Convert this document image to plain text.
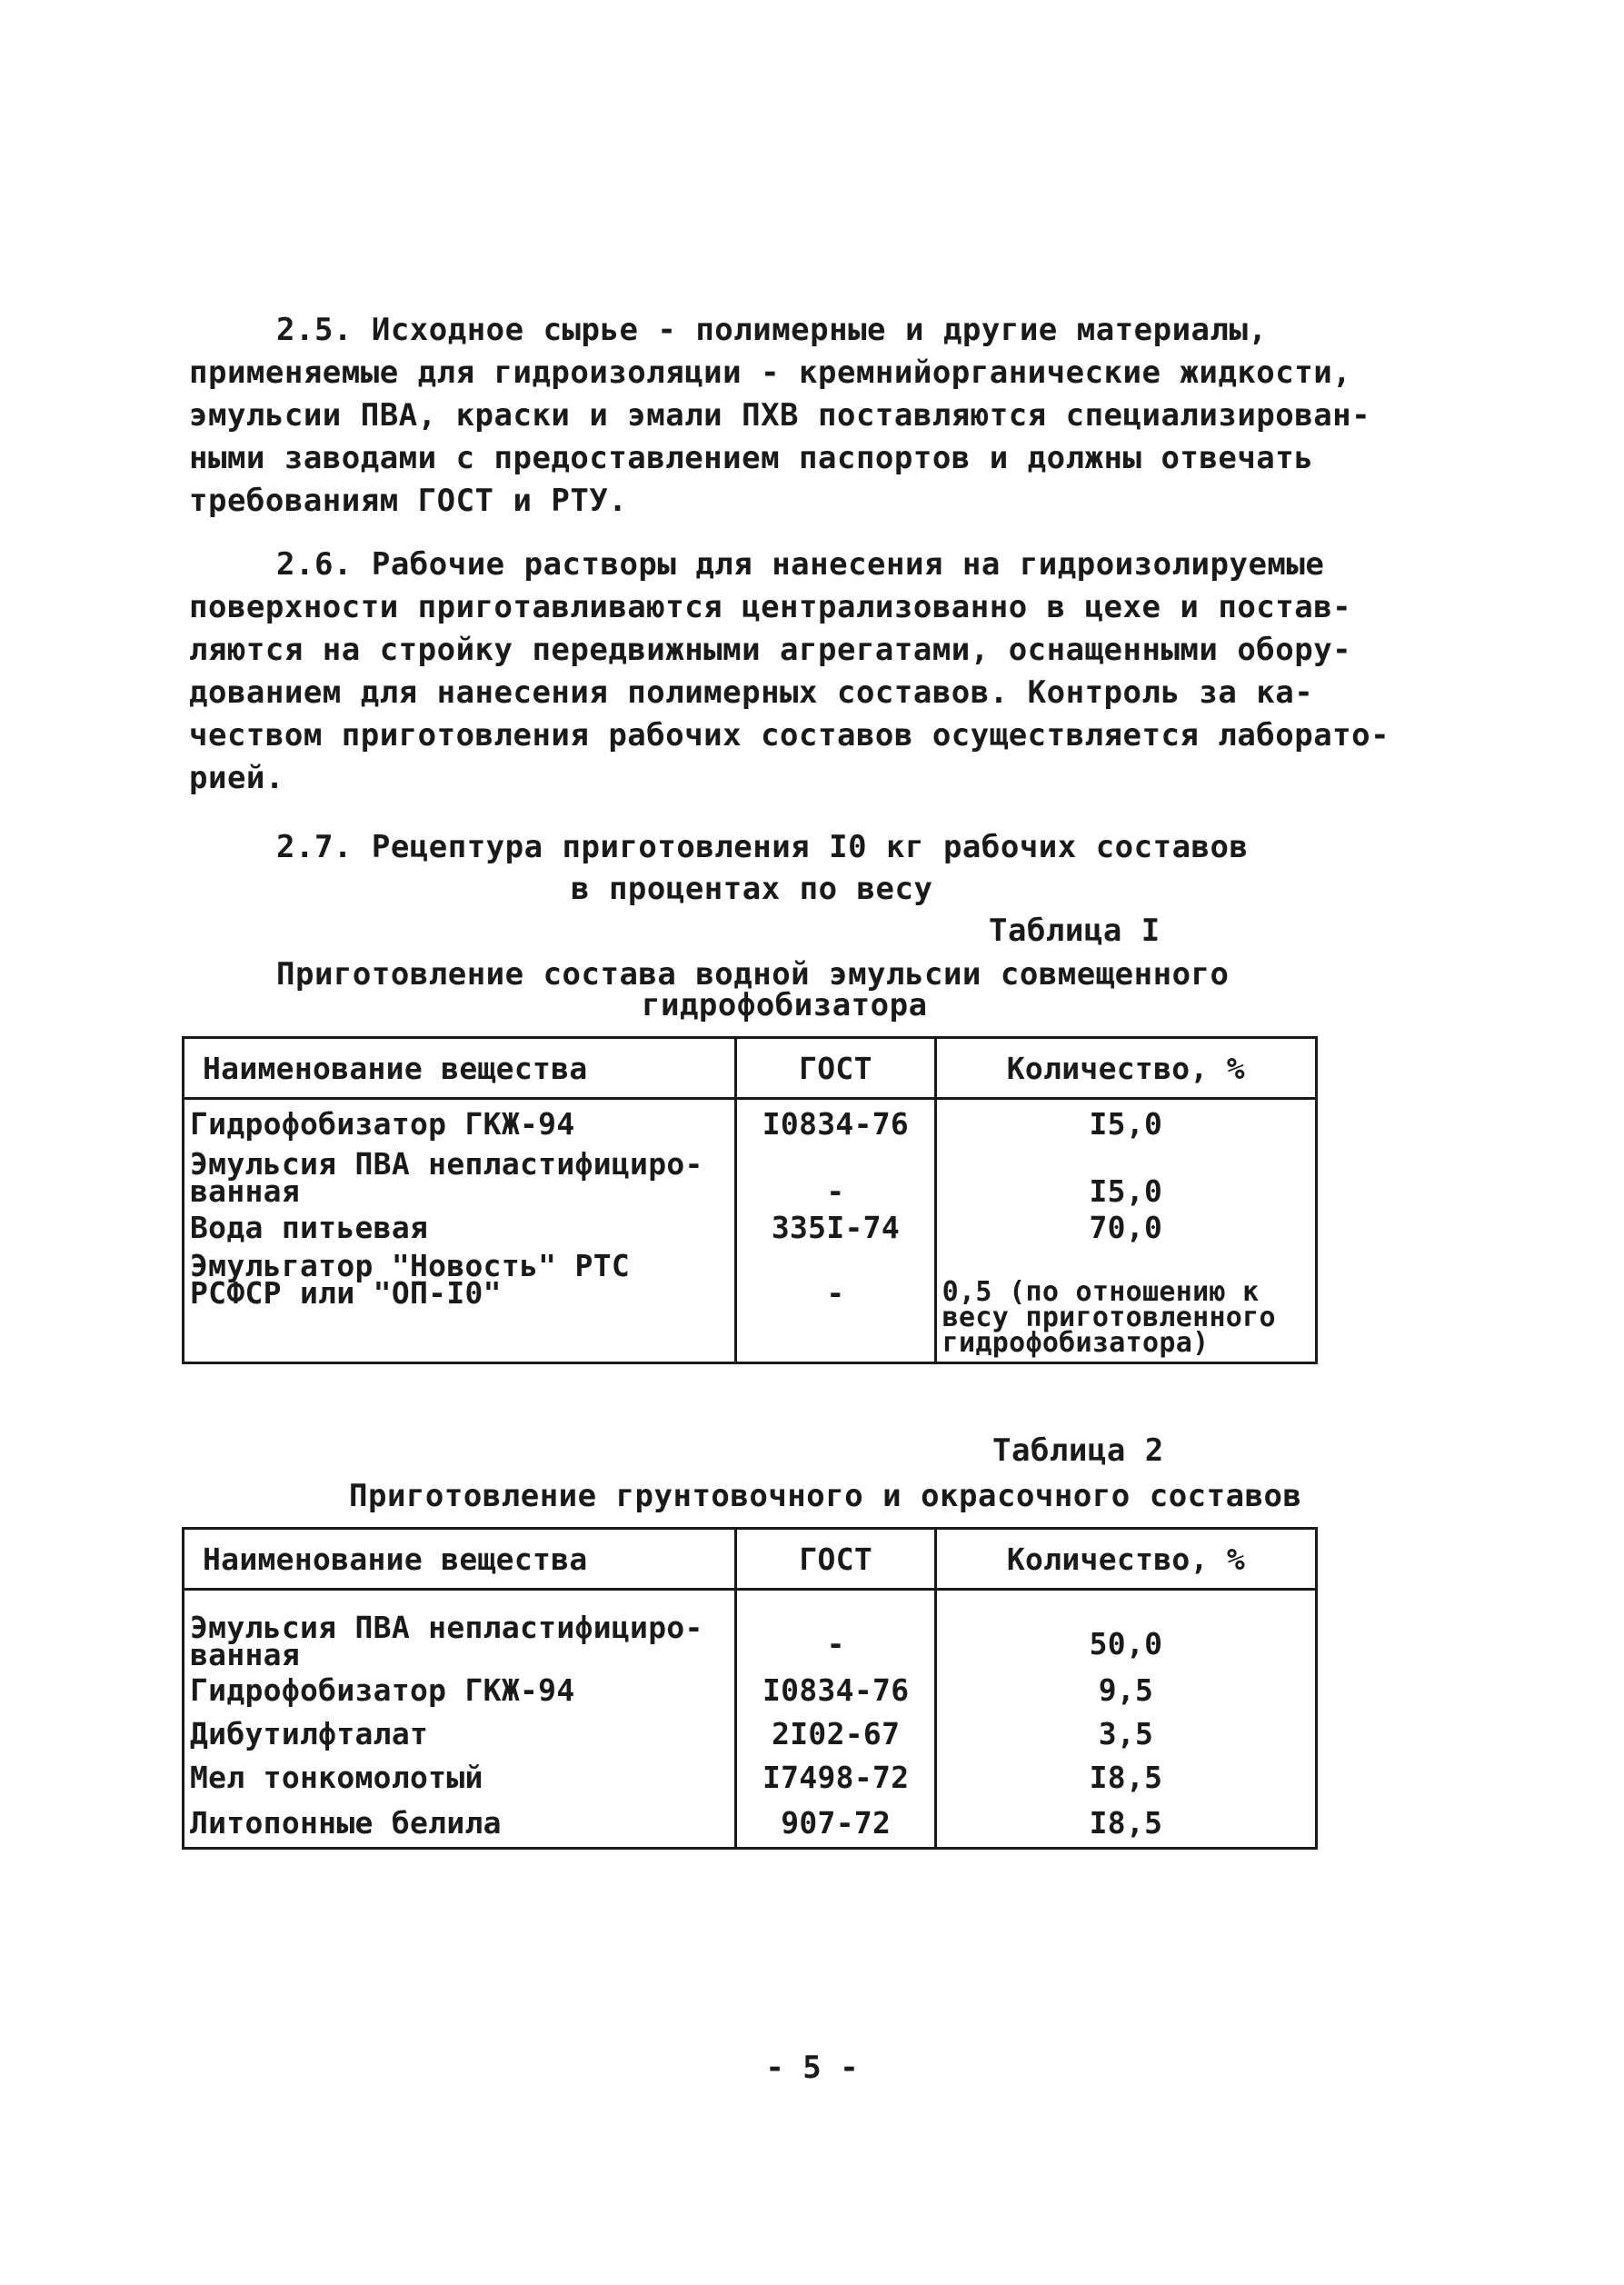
2.5. Исходное сырье - полимерные и другие материалы,
применяемые для гидроизоляции - кремнийорганические жидкости,
эмульсии ПВА, краски и эмали ПХВ поставляются специализирован-
ными заводами с предоставлением паспортов и должны отвечать
требованиям ГОСТ и РТУ.
2.6. Рабочие растворы для нанесения на гидроизолируемые
поверхности приготавливаются централизованно в цехе и постав-
ляются на стройку передвижными агрегатами, оснащенными обору-
дованием для нанесения полимерных составов. Контроль за ка-
чеством приготовления рабочих составов осуществляется лаборато-
рией.
2.7. Рецептура приготовления I0 кг рабочих составов
в процентах по весу
Таблица I
Приготовление состава водной эмульсии совмещенного
гидрофобизатора
Наименование вещества	ГОСТ	Количество, %
Гидрофобизатор ГКЖ-94	I0834-76	I5,0
Эмульсия ПВА непластифициро-
ванная	-	I5,0
Вода питьевая	335I-74	70,0
Эмульгатор "Новость" РТС
РСФСР или "ОП-I0"	-	0,5 (по отношению к
весу приготовленного
гидрофобизатора)
Таблица 2
Приготовление грунтовочного и окрасочного составов
Наименование вещества	ГОСТ	Количество, %
Эмульсия ПВА непластифициро-
ванная	-	50,0
Гидрофобизатор ГКЖ-94	I0834-76	9,5
Дибутилфталат	2I02-67	3,5
Мел тонкомолотый	I7498-72	I8,5
Литопонные белила	907-72	I8,5
- 5 -
